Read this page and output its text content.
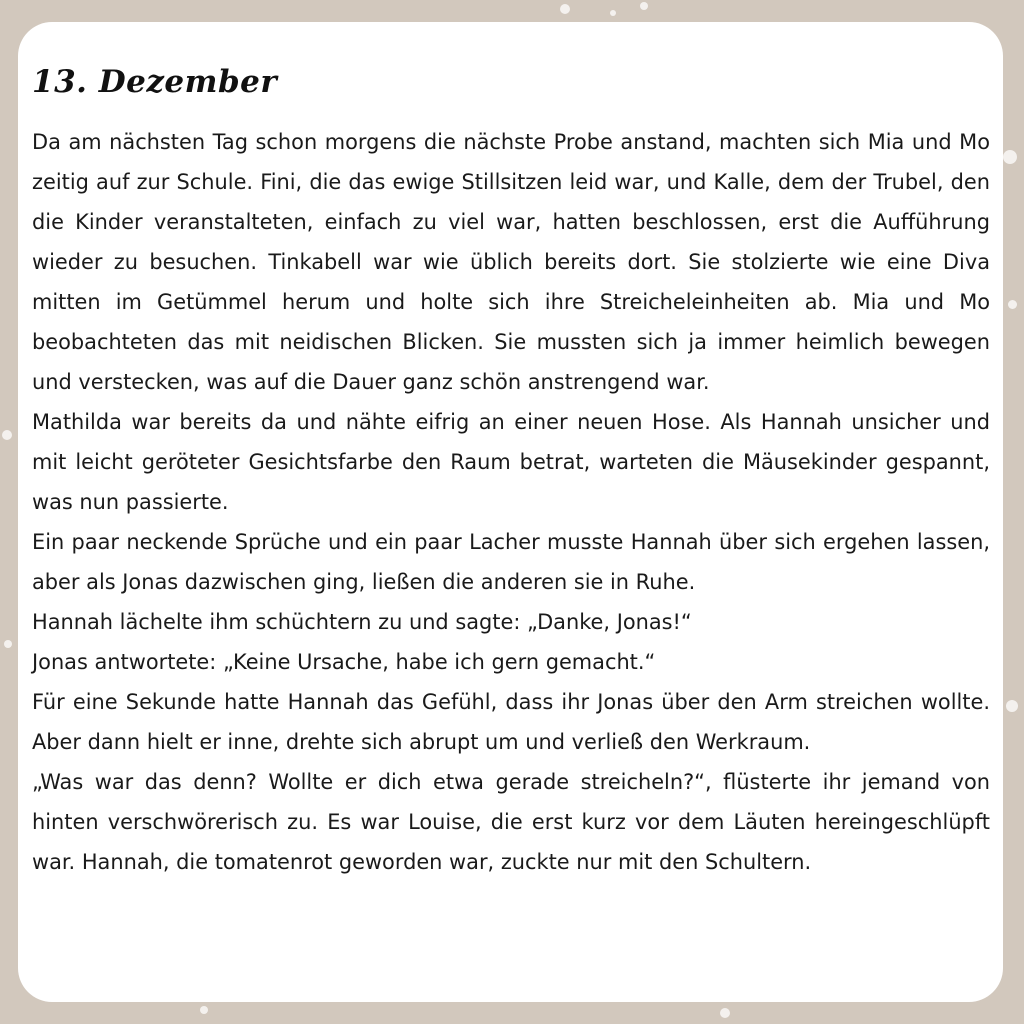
13. Dezember

Da am nächsten Tag schon morgens die nächste Probe anstand, machten sich Mia und Mo zeitig auf zur Schule. Fini, die das ewige Stillsitzen leid war, und Kalle, dem der Trubel, den die Kinder veranstalteten, einfach zu viel war, hatten beschlossen, erst die Aufführung wieder zu besuchen. Tinkabell war wie üblich bereits dort. Sie stolzierte wie eine Diva mitten im Getümmel herum und holte sich ihre Streicheleinheiten ab. Mia und Mo beobachteten das mit neidischen Blicken. Sie mussten sich ja immer heimlich bewegen und verstecken, was auf die Dauer ganz schön anstrengend war.

Mathilda war bereits da und nähte eifrig an einer neuen Hose. Als Hannah unsicher und mit leicht geröteter Gesichtsfarbe den Raum betrat, warteten die Mäusekinder gespannt, was nun passierte.

Ein paar neckende Sprüche und ein paar Lacher musste Hannah über sich ergehen lassen, aber als Jonas dazwischen ging, ließen die anderen sie in Ruhe.

Hannah lächelte ihm schüchtern zu und sagte: „Danke, Jonas!“

Jonas antwortete: „Keine Ursache, habe ich gern gemacht.“

Für eine Sekunde hatte Hannah das Gefühl, dass ihr Jonas über den Arm streichen wollte. Aber dann hielt er inne, drehte sich abrupt um und verließ den Werkraum.

„Was war das denn? Wollte er dich etwa gerade streicheln?“, flüsterte ihr jemand von hinten verschwörerisch zu. Es war Louise, die erst kurz vor dem Läuten hereingeschlüpft war. Hannah, die tomatenrot geworden war, zuckte nur mit den Schultern.
